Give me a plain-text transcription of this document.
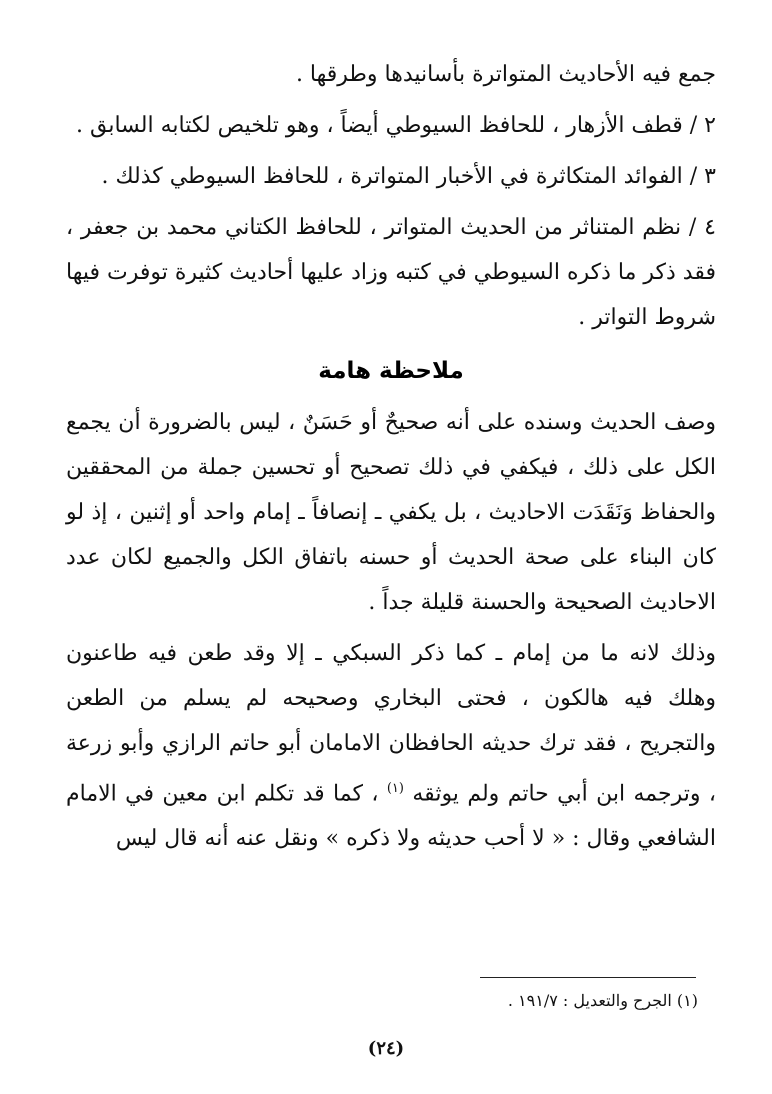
جمع فيه الأحاديث المتواترة بأسانيدها وطرقها .

٢ / قطف الأزهار ، للحافظ السيوطي أيضاً ، وهو تلخيص لكتابه السابق .

٣ / الفوائد المتكاثرة في الأخبار المتواترة ، للحافظ السيوطي كذلك .

٤ / نظم المتناثر من الحديث المتواتر ، للحافظ الكتاني محمد بن جعفر ، فقد ذكر ما ذكره السيوطي في كتبه وزاد عليها أحاديث كثيرة توفرت فيها شروط التواتر .

ملاحظة هامة

وصف الحديث وسنده على أنه صحيحٌ أو حَسَنٌ ، ليس بالضرورة أن يجمع الكل على ذلك ، فيكفي في ذلك تصحيح أو تحسين جملة من المحققين والحفاظ وَنَقَدَت الاحاديث ، بل يكفي ـ إنصافاً ـ إمام واحد أو إثنين ، إذ لو كان البناء على صحة الحديث أو حسنه باتفاق الكل والجميع لكان عدد الاحاديث الصحيحة والحسنة قليلة جداً .

وذلك لانه ما من إمام ـ كما ذكر السبكي ـ إلا وقد طعن فيه طاعنون وهلك فيه هالكون ، فحتى البخاري وصحيحه لم يسلم من الطعن والتجريح ، فقد ترك حديثه الحافظان الامامان أبو حاتم الرازي وأبو زرعة ، وترجمه ابن أبي حاتم ولم يوثقه $^{(١)}$ ، كما قد تكلم ابن معين في الامام الشافعي وقال : « لا أحب حديثه ولا ذكره » ونقل عنه أنه قال ليس

(١) الجرح والتعديل : ١٩١/٧ .
(٢٤)
